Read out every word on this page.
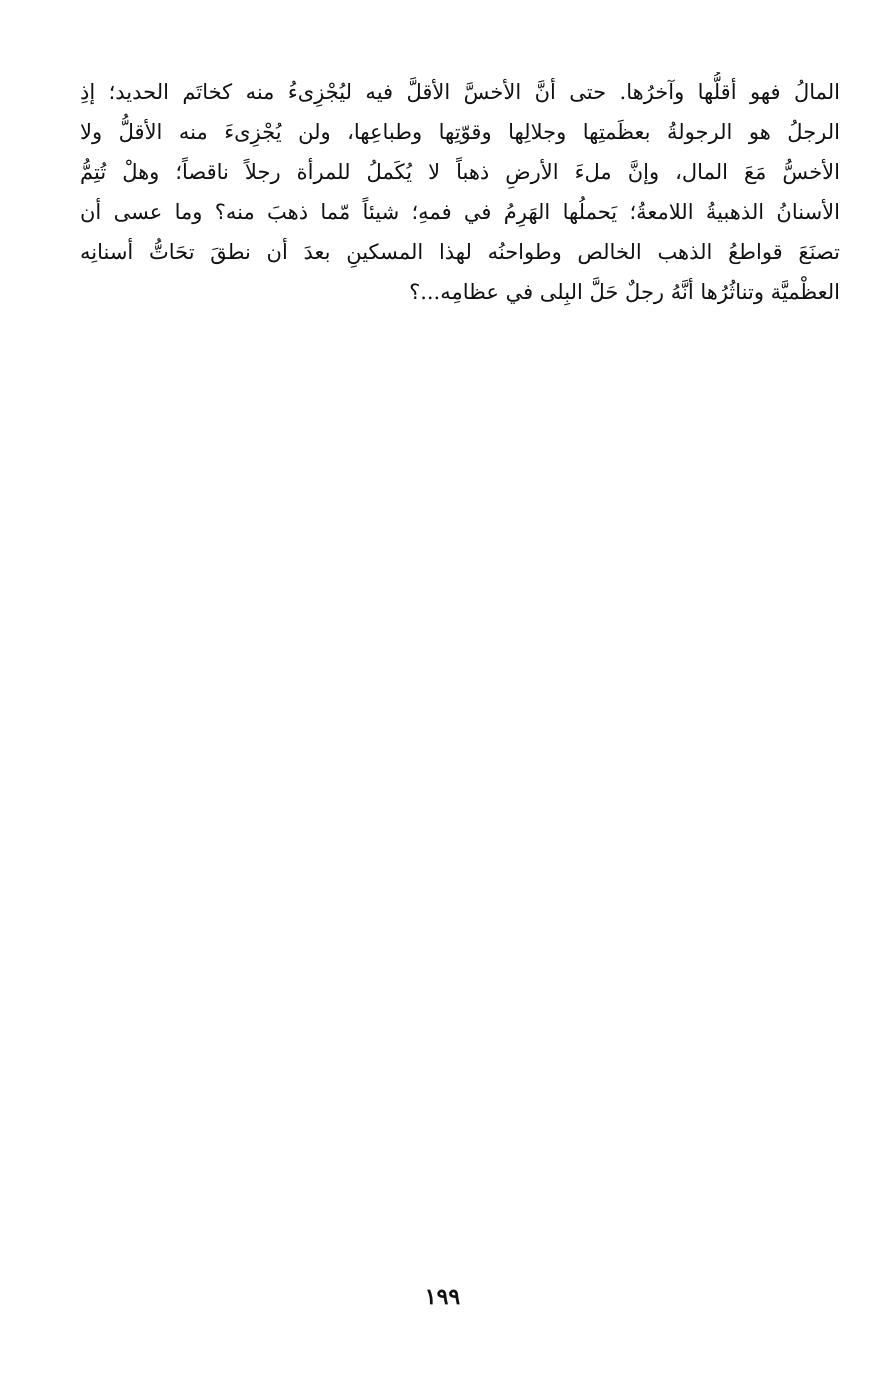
المالُ فهو أقلُّها وآخرُها. حتى أنَّ الأخسَّ الأقلَّ فيه ليُجْزِىءُ منه كخاتَم الحديد؛ إذِ
الرجلُ هو الرجولةُ بعظَمتِها وجلالِها وقوّتِها وطباعِها، ولن يُجْزِىءَ منه الأقلُّ ولا
الأخسُّ مَعَ المال، وإنَّ ملءَ الأرضِ ذهباً لا يُكَملُ للمرأة رجلاً ناقصاً؛ وهلْ تُتِمُّ
الأسنانُ الذهبيةُ اللامعةُ؛ يَحملُها الهَرِمُ في فمهِ؛ شيئاً مّما ذهبَ منه؟ وما عسى أن
تصنَعَ قواطعُ الذهب الخالص وطواحنُه لهذا المسكينِ بعدَ أن نطقَ تحَاتُّ أسنانِه
العظْميَّة وتناثُرُها أنَّهُ رجلٌ حَلَّ البِلى في عظامِه...؟
١٩٩
